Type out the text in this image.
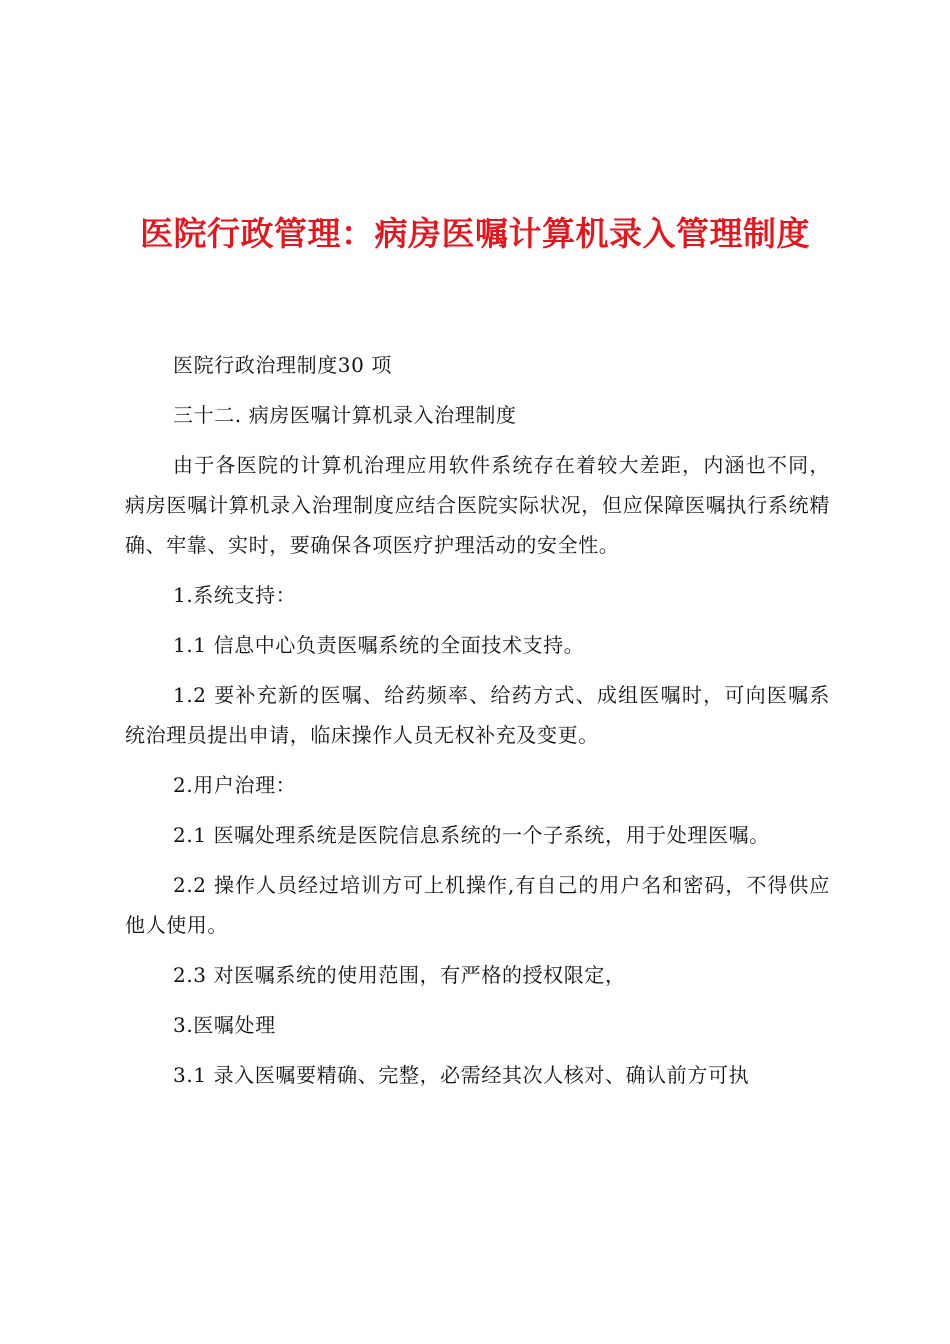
医院行政管理：病房医嘱计算机录入管理制度

医院行政治理制度30 项

三十二. 病房医嘱计算机录入治理制度

由于各医院的计算机治理应用软件系统存在着较大差距，内涵也不同，病房医嘱计算机录入治理制度应结合医院实际状况，但应保障医嘱执行系统精确、牢靠、实时，要确保各项医疗护理活动的安全性。

1.系统支持：

1.1 信息中心负责医嘱系统的全面技术支持。

1.2 要补充新的医嘱、给药频率、给药方式、成组医嘱时，可向医嘱系统治理员提出申请，临床操作人员无权补充及变更。

2.用户治理：

2.1 医嘱处理系统是医院信息系统的一个子系统，用于处理医嘱。

2.2 操作人员经过培训方可上机操作,有自己的用户名和密码，不得供应他人使用。

2.3 对医嘱系统的使用范围，有严格的授权限定，

3.医嘱处理

3.1 录入医嘱要精确、完整，必需经其次人核对、确认前方可执
